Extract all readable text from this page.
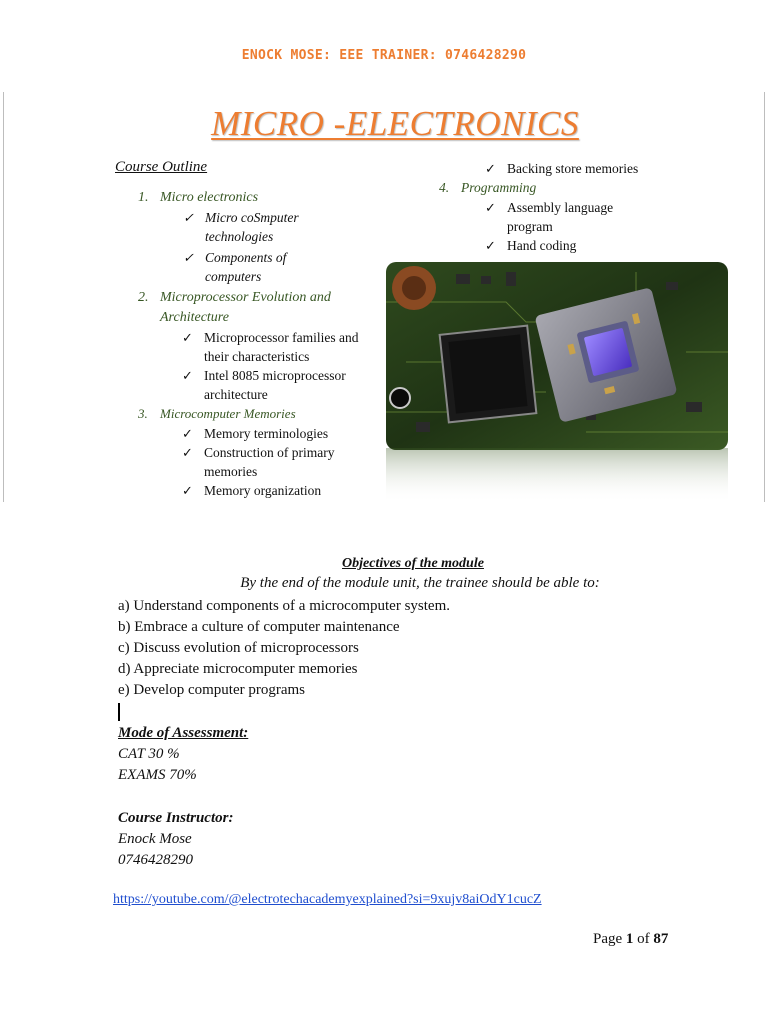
ENOCK MOSE: EEE TRAINER: 0746428290
MICRO -ELECTRONICS
Course Outline
1. Micro electronics
✓ Micro coSmputer technologies
✓ Components of computers
2. Microprocessor Evolution and
Architecture
✓ Microprocessor families and their characteristics
✓ Intel 8085 microprocessor architecture
3. Microcomputer Memories
✓ Memory terminologies
✓ Construction of primary memories
✓ Memory organization
✓ Backing store memories
4. Programming
✓ Assembly language program
✓ Hand coding
Objectives of the module
By the end of the module unit, the trainee should be able to:
a) Understand components of a microcomputer system.
b) Embrace a culture of computer maintenance
c) Discuss evolution of microprocessors
d) Appreciate microcomputer memories
e) Develop computer programs
Mode of Assessment:
CAT 30 %
EXAMS 70%
Course Instructor:
Enock Mose
0746428290
https://youtube.com/@electrotechacademyexplained?si=9xujv8aiOdY1cucZ
Page 1 of 87
